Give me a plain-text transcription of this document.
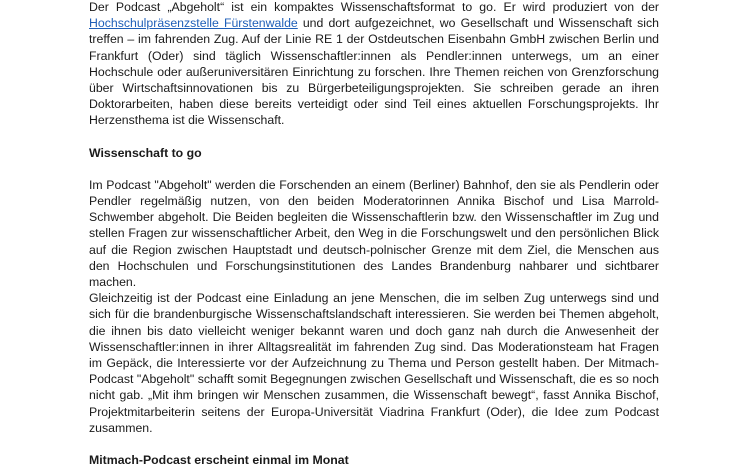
Der Podcast „Abgeholt“ ist ein kompaktes Wissenschaftsformat to go. Er wird produziert von der Hochschulpräsenzstelle Fürstenwalde und dort aufgezeichnet, wo Gesellschaft und Wissenschaft sich treffen – im fahrenden Zug. Auf der Linie RE 1 der Ostdeutschen Eisenbahn GmbH zwischen Berlin und Frankfurt (Oder) sind täglich Wissenschaftler:innen als Pendler:innen unterwegs, um an einer Hochschule oder außeruniversitären Einrichtung zu forschen. Ihre Themen reichen von Grenzforschung über Wirtschaftsinnovationen bis zu Bürgerbeteiligungsprojekten. Sie schreiben gerade an ihren Doktorarbeiten, haben diese bereits verteidigt oder sind Teil eines aktuellen Forschungsprojekts. Ihr Herzensthema ist die Wissenschaft.

Wissenschaft to go

Im Podcast "Abgeholt" werden die Forschenden an einem (Berliner) Bahnhof, den sie als Pendlerin oder Pendler regelmäßig nutzen, von den beiden Moderatorinnen Annika Bischof und Lisa Marrold-Schwember abgeholt. Die Beiden begleiten die Wissenschaftlerin bzw. den Wissenschaftler im Zug und stellen Fragen zur wissenschaftlicher Arbeit, den Weg in die Forschungswelt und den persönlichen Blick auf die Region zwischen Hauptstadt und deutsch-polnischer Grenze mit dem Ziel, die Menschen aus den Hochschulen und Forschungsinstitutionen des Landes Brandenburg nahbarer und sichtbarer machen.

Gleichzeitig ist der Podcast eine Einladung an jene Menschen, die im selben Zug unterwegs sind und sich für die brandenburgische Wissenschaftslandschaft interessieren. Sie werden bei Themen abgeholt, die ihnen bis dato vielleicht weniger bekannt waren und doch ganz nah durch die Anwesenheit der Wissenschaftler:innen in ihrer Alltagsrealität im fahrenden Zug sind. Das Moderationsteam hat Fragen im Gepäck, die Interessierte vor der Aufzeichnung zu Thema und Person gestellt haben. Der Mitmach-Podcast "Abgeholt" schafft somit Begegnungen zwischen Gesellschaft und Wissenschaft, die es so noch nicht gab. „Mit ihm bringen wir Menschen zusammen, die Wissenschaft bewegt“, fasst Annika Bischof, Projektmitarbeiterin seitens der Europa-Universität Viadrina Frankfurt (Oder), die Idee zum Podcast zusammen.

Mitmach-Podcast erscheint einmal im Monat
